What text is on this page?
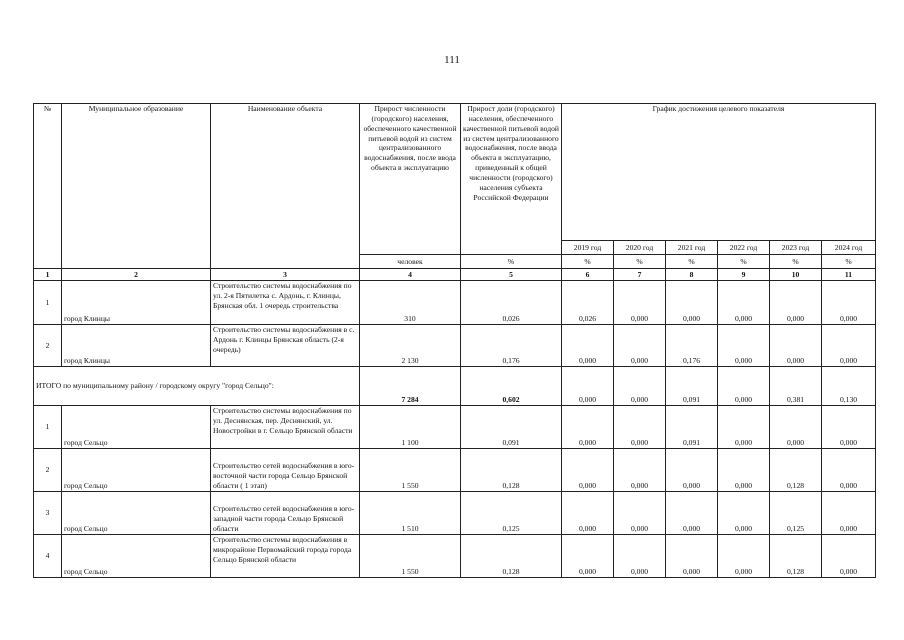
111
№	Муниципальное образование	Наименование объекта	Прирост численности (городского) населения, обеспеченного качественной питьевой водой из систем централизованного водоснабжения, после ввода объекта в эксплуатацию	Прирост доли (городского) населения, обеспеченного качественной питьевой водой из систем централизованного водоснабжения, после ввода объекта в эксплуатацию, приведенный к общей численности (городского) населения субъекта Российской Федерации	График достижения целевого показателя					
					2019 год	2020 год	2021 год	2022 год	2023 год	2024 год
			человек	%	%	%	%	%	%	%
1	2	3	4	5	6	7	8	9	10	11
1	город Клинцы	Строительство системы водоснабжения по ул. 2-я Пятилетка с. Ардонь, г. Клинцы, Брянская обл. 1 очередь строительства	310	0,026	0,026	0,000	0,000	0,000	0,000	0,000
2	город Клинцы	Строительство системы водоснабжения в с. Ардонь г. Клинцы Брянская область (2-я очередь)	2 130	0,176	0,000	0,000	0,176	0,000	0,000	0,000
ИТОГО по муниципальному району / городскому округу "город Сельцо":			7 284	0,602	0,000	0,000	0,091	0,000	0,381	0,130
1	город Сельцо	Строительство системы водоснабжения по ул. Деснянская, пер. Деснянский, ул. Новостройки в г. Сельцо Брянской области	1 100	0,091	0,000	0,000	0,091	0,000	0,000	0,000
2	город Сельцо	Строительство сетей водоснабжения в юго-восточной части города Сельцо Брянской области ( 1 этап)	1 550	0,128	0,000	0,000	0,000	0,000	0,128	0,000
3	город Сельцо	Строительство сетей водоснабжения в юго-западной части города Сельцо Брянской области	1 510	0,125	0,000	0,000	0,000	0,000	0,125	0,000
4	город Сельцо	Строительство системы водоснабжения в микрорайоне Первомайский города города Сельцо Брянской области	1 550	0,128	0,000	0,000	0,000	0,000	0,128	0,000
